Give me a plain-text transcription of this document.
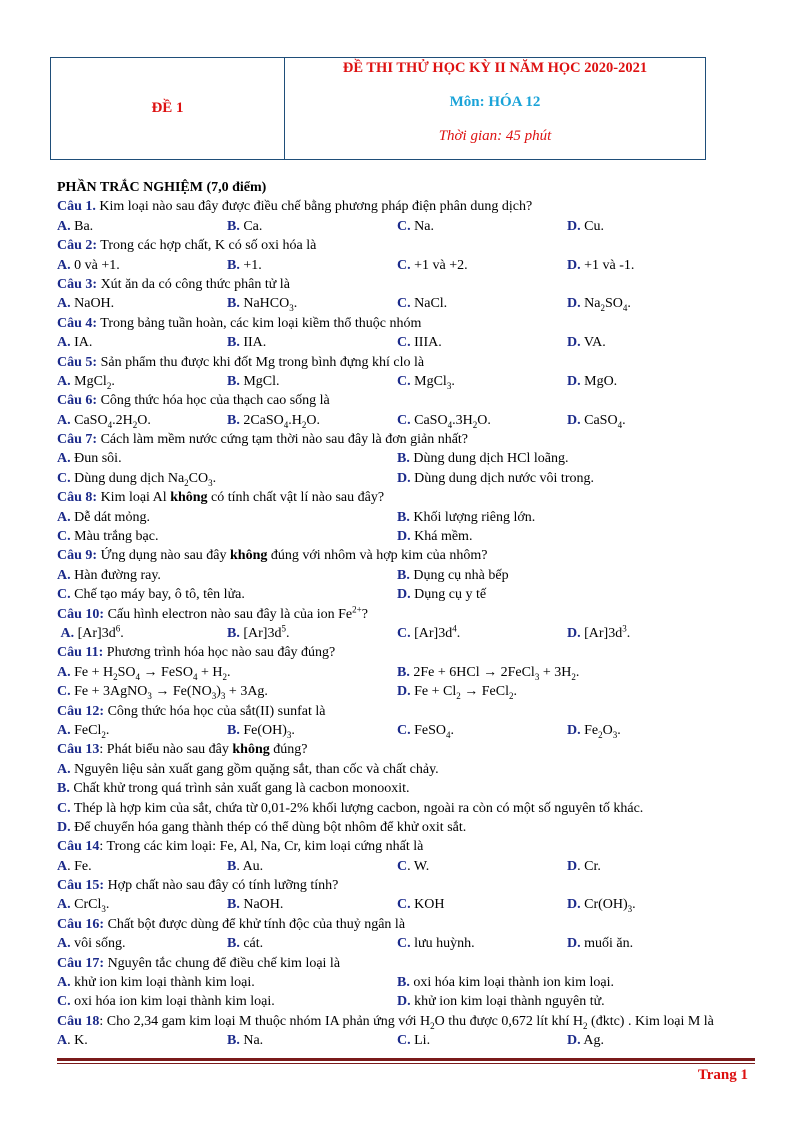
ĐỀ 1
ĐỀ THI THỬ HỌC KỲ II NĂM HỌC 2020-2021
Môn: HÓA 12
Thời gian: 45 phút
PHẦN TRẮC NGHIỆM (7,0 điểm)
Câu 1. Kim loại nào sau đây được điều chế bằng phương pháp điện phân dung dịch?
A. Ba.	B. Ca.	C. Na.	D. Cu.
Câu 2: Trong các hợp chất, K có số oxi hóa là
A. 0 và +1.	B. +1.	C. +1 và +2.	D. +1 và -1.
Câu 3: Xút ăn da có công thức phân tử là
A. NaOH.	B. NaHCO$_3$.	C. NaCl.	D. $Na_2SO_4$.
Câu 4: Trong bảng tuần hoàn, các kim loại kiềm thổ thuộc nhóm
A. IA.	B. IIA.	C. IIIA.	D. VA.
Câu 5: Sản phẩm thu được khi đốt Mg trong bình đựng khí clo là
A. MgCl$_2$.	B. MgCl.	C. MgCl$_3$.	D. MgO.
Câu 6: Công thức hóa học của thạch cao sống là
A. $CaSO_4.2H_2O$.	B. $2CaSO_4.H_2O$.	C. $CaSO_4.3H_2O$.	D. CaSO$_4$.
Câu 7: Cách làm mềm nước cứng tạm thời nào sau đây là đơn giản nhất?
A. Đun sôi.	B. Dùng dung dịch HCl loãng.
C. Dùng dung dịch $Na_2CO_3$.	D. Dùng dung dịch nước vôi trong.
Câu 8: Kim loại Al không có tính chất vật lí nào sau đây?
A. Dễ dát mỏng.	B. Khối lượng riêng lớn.
C. Màu trắng bạc.	D. Khá mềm.
Câu 9: Ứng dụng nào sau đây không đúng với nhôm và hợp kim của nhôm?
A. Hàn đường ray.	B. Dụng cụ nhà bếp
C. Chế tạo máy bay, ô tô, tên lửa.	D. Dụng cụ y tế
Câu 10: Cấu hình electron nào sau đây là của ion $Fe^{2+}$?
A. $[Ar]3d^6$.	B. $[Ar]3d^5$.	C. $[Ar]3d^4$.	D. $[Ar]3d^3$.
Câu 11: Phương trình hóa học nào sau đây đúng?
A. $Fe + H_2SO_4$ → FeSO$_4$ + $H_2$.	B. 2Fe + 6HCl → 2FeCl$_3$ + $3H_2$.
C. Fe + 3AgNO$_3$ → $Fe(NO_3)_3 + 3Ag$.	D. $Fe + Cl_2$ → FeCl$_2$.
Câu 12: Công thức hóa học của sắt(II) sunfat là
A. FeCl$_2$.	B. $Fe(OH)_3$.	C. FeSO$_4$.	D. $Fe_2O_3$.
Câu 13: Phát biểu nào sau đây không đúng?
A. Nguyên liệu sản xuất gang gồm quặng sắt, than cốc và chất chảy.
B. Chất khử trong quá trình sản xuất gang là cacbon monooxit.
C. Thép là hợp kim của sắt, chứa từ 0,01-2% khối lượng cacbon, ngoài ra còn có một số nguyên tố khác.
D. Để chuyển hóa gang thành thép có thể dùng bột nhôm để khử oxit sắt.
Câu 14: Trong các kim loại: Fe, Al, Na, Cr, kim loại cứng nhất là
A. Fe.	B. Au.	C. W.	D. Cr.
Câu 15: Hợp chất nào sau đây có tính lưỡng tính?
A. CrCl$_3$.	B. NaOH.	C. KOH	D. $Cr(OH)_3$.
Câu 16: Chất bột được dùng để khử tính độc của thuỷ ngân là
A. vôi sống.	B. cát.	C. lưu huỳnh.	D. muối ăn.
Câu 17: Nguyên tắc chung để điều chế kim loại là
A. khử ion kim loại thành kim loại.	B. oxi hóa kim loại thành ion kim loại.
C. oxi hóa ion kim loại thành kim loại.	D. khử ion kim loại thành nguyên tử.
Câu 18: Cho 2,34 gam kim loại M thuộc nhóm IA phản ứng với $H_2O$ thu được 0,672 lít khí $H_2$ (đktc) . Kim loại M là
A. K.	B. Na.	C. Li.	D. Ag.
Trang 1
